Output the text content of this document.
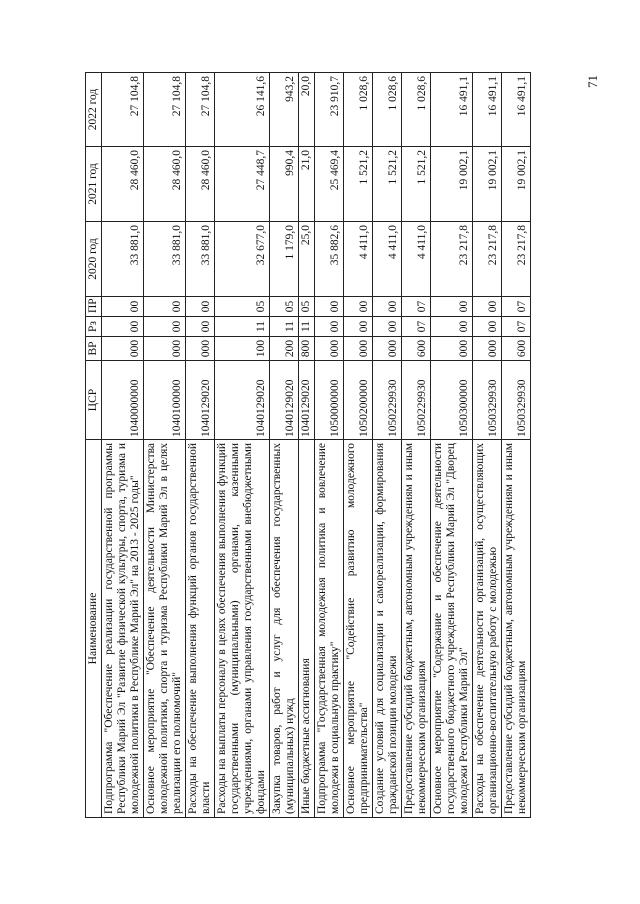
71
Наименование	ЦСР	ВР	Рз	ПР	2020 год	2021 год	2022 год
Подпрограмма "Обеспечение реализации государственной программы Республики Марий Эл "Развитие физической культуры, спорта, туризма и молодежной политики в Республике Марий Эл" на 2013 - 2025 годы"	1040000000	000	00	00	33 881,0	28 460,0	27 104,8
Основное мероприятие "Обеспечение деятельности Министерства молодежной политики, спорта и туризма Республики Марий Эл в целях реализации его полномочий"	1040100000	000	00	00	33 881,0	28 460,0	27 104,8
Расходы на обеспечение выполнения функций органов государственной власти	1040129020	000	00	00	33 881,0	28 460,0	27 104,8
Расходы на выплаты персоналу в целях обеспечения выполнения функций государственными (муниципальными) органами, казенными учреждениями, органами управления государственными внебюджетными фондами	1040129020	100	11	05	32 677,0	27 448,7	26 141,6
Закупка товаров, работ и услуг для обеспечения государственных (муниципальных) нужд	1040129020	200	11	05	1 179,0	990,4	943,2
Иные бюджетные ассигнования	1040129020	800	11	05	25,0	21,0	20,0
Подпрограмма "Государственная молодежная политика и вовлечение молодежи в социальную практику"	1050000000	000	00	00	35 882,6	25 469,4	23 910,7
Основное мероприятие "Содействие развитию молодежного предпринимательства"	1050200000	000	00	00	4 411,0	1 521,2	1 028,6
Создание условий для социализации и самореализации, формирования гражданской позиции молодежи	1050229930	000	00	00	4 411,0	1 521,2	1 028,6
Предоставление субсидий бюджетным, автономным учреждениям и иным некоммерческим организациям	1050229930	600	07	07	4 411,0	1 521,2	1 028,6
Основное мероприятие "Содержание и обеспечение деятельности государственного бюджетного учреждения Республики Марий Эл "Дворец молодежи Республики Марий Эл"	1050300000	000	00	00	23 217,8	19 002,1	16 491,1
Расходы на обеспечение деятельности организаций, осуществляющих организационно-воспитательную работу с молодежью	1050329930	000	00	00	23 217,8	19 002,1	16 491,1
Предоставление субсидий бюджетным, автономным учреждениям и иным некоммерческим организациям	1050329930	600	07	07	23 217,8	19 002,1	16 491,1
